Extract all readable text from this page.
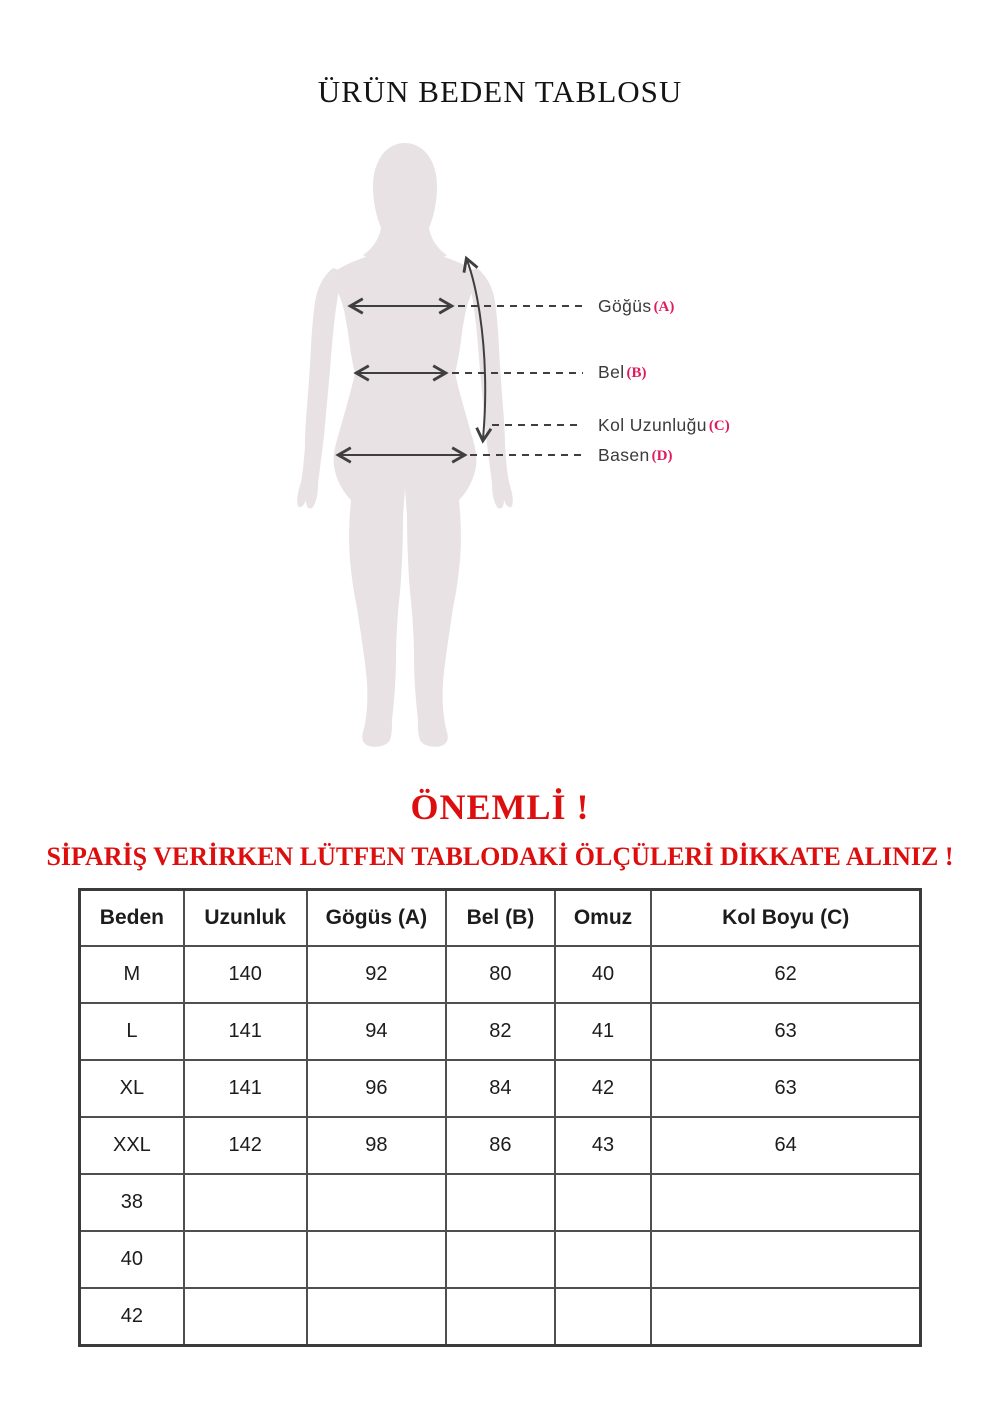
ÜRÜN BEDEN TABLOSU
Göğüs (A)
Bel (B)
Kol Uzunluğu (C)
Basen (D)
ÖNEMLİ !
SİPARİŞ VERİRKEN LÜTFEN TABLODAKİ ÖLÇÜLERİ DİKKATE ALINIZ !
Beden	Uzunluk	Gögüs (A)	Bel (B)	Omuz	Kol Boyu (C)
M	140	92	80	40	62
L	141	94	82	41	63
XL	141	96	84	42	63
XXL	142	98	86	43	64
38					
40					
42					
